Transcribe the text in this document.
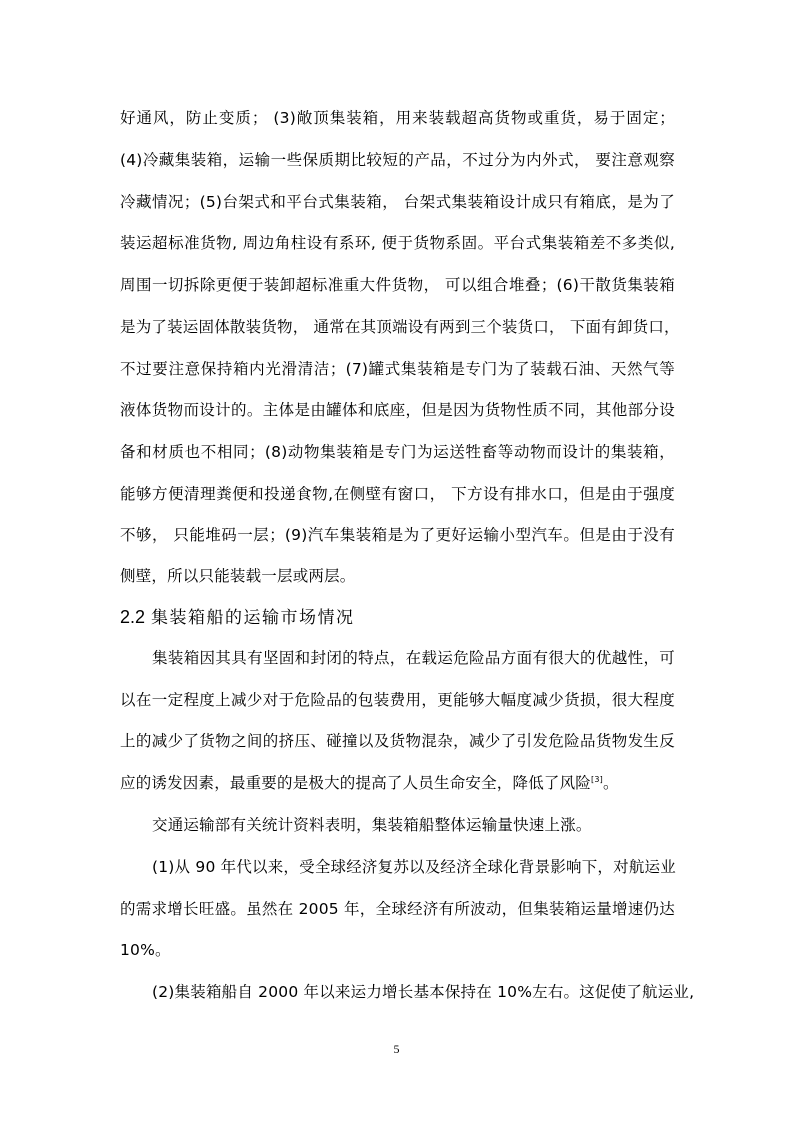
好通风，防止变质； (3)敞顶集装箱，用来装载超高货物或重货，易于固定；
(4)冷藏集装箱，运输一些保质期比较短的产品，不过分为内外式， 要注意观察
冷藏情况；(5)台架式和平台式集装箱， 台架式集装箱设计成只有箱底，是为了
装运超标准货物, 周边角柱设有系环, 便于货物系固。平台式集装箱差不多类似,
周围一切拆除更便于装卸超标准重大件货物， 可以组合堆叠；(6)干散货集装箱
是为了装运固体散装货物， 通常在其顶端设有两到三个装货口， 下面有卸货口，
不过要注意保持箱内光滑清洁；(7)罐式集装箱是专门为了装载石油、天然气等
液体货物而设计的。主体是由罐体和底座，但是因为货物性质不同，其他部分设
备和材质也不相同；(8)动物集装箱是专门为运送牲畜等动物而设计的集装箱，
能够方便清理粪便和投递食物,在侧壁有窗口， 下方设有排水口，但是由于强度
不够， 只能堆码一层；(9)汽车集装箱是为了更好运输小型汽车。但是由于没有
侧壁，所以只能装载一层或两层。
2.2 集装箱船的运输市场情况
集装箱因其具有坚固和封闭的特点，在载运危险品方面有很大的优越性，可
以在一定程度上减少对于危险品的包装费用，更能够大幅度减少货损，很大程度
上的减少了货物之间的挤压、碰撞以及货物混杂，减少了引发危险品货物发生反
应的诱发因素，最重要的是极大的提高了人员生命安全，降低了风险[3]。
交通运输部有关统计资料表明，集装箱船整体运输量快速上涨。
(1)从 90 年代以来，受全球经济复苏以及经济全球化背景影响下，对航运业
的需求增长旺盛。虽然在 2005 年，全球经济有所波动，但集装箱运量增速仍达
10%。
(2)集装箱船自 2000 年以来运力增长基本保持在 10%左右。这促使了航运业,
5
